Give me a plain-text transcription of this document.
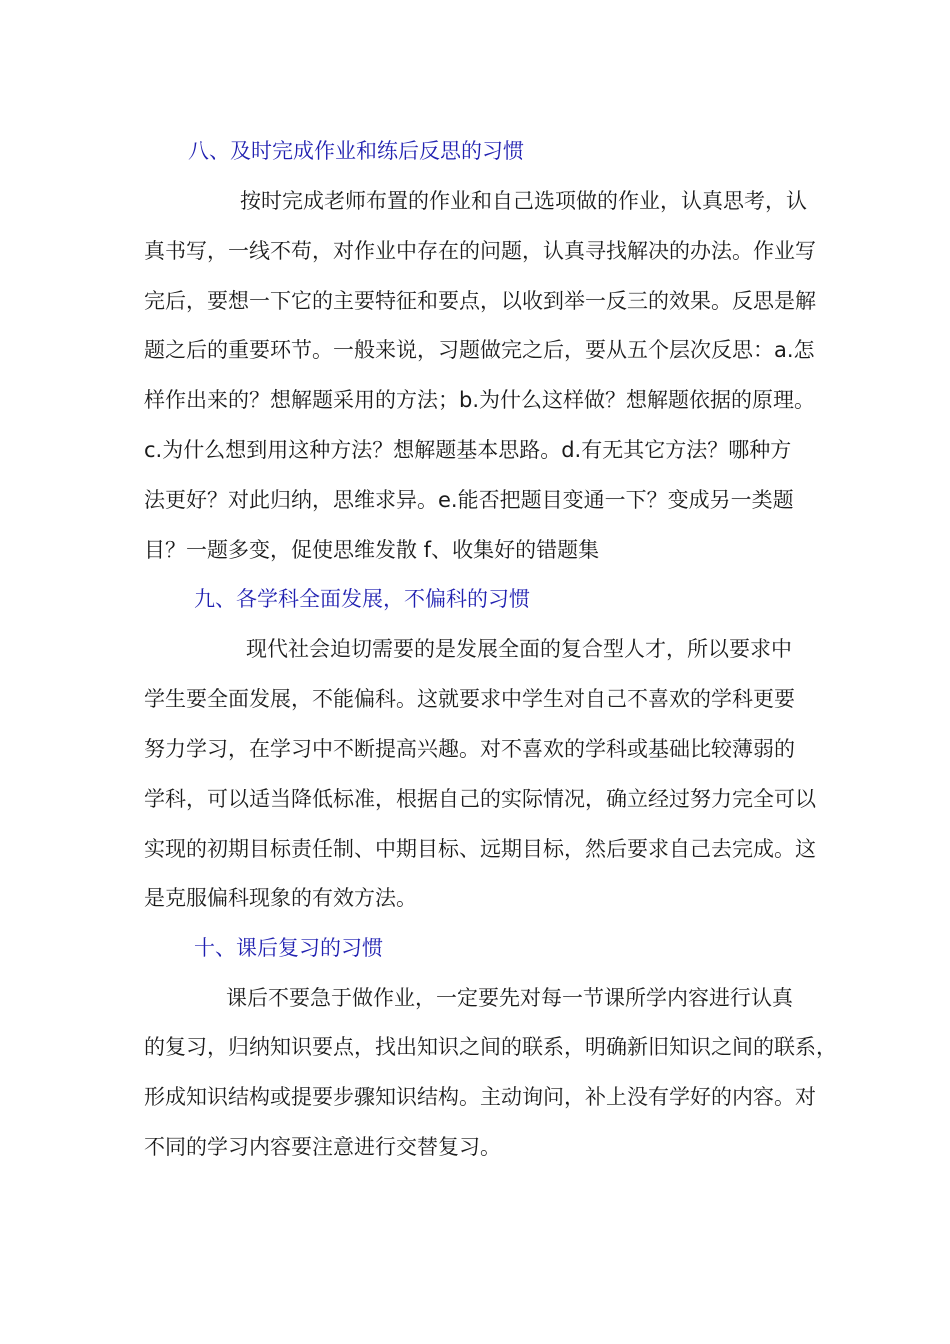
八、及时完成作业和练后反思的习惯

按时完成老师布置的作业和自己选项做的作业，认真思考，认

真书写，一线不苟，对作业中存在的问题，认真寻找解决的办法。作业写

完后，要想一下它的主要特征和要点，以收到举一反三的效果。反思是解

题之后的重要环节。一般来说，习题做完之后，要从五个层次反思：a.怎

样作出来的？想解题采用的方法；b.为什么这样做？想解题依据的原理。

c.为什么想到用这种方法？想解题基本思路。d.有无其它方法？哪种方

法更好？对此归纳，思维求异。e.能否把题目变通一下？变成另一类题

目？一题多变，促使思维发散 f、收集好的错题集

九、各学科全面发展，不偏科的习惯

现代社会迫切需要的是发展全面的复合型人才，所以要求中

学生要全面发展，不能偏科。这就要求中学生对自己不喜欢的学科更要

努力学习，在学习中不断提高兴趣。对不喜欢的学科或基础比较薄弱的

学科，可以适当降低标准，根据自己的实际情况，确立经过努力完全可以

实现的初期目标责任制、中期目标、远期目标，然后要求自己去完成。这

是克服偏科现象的有效方法。

十、课后复习的习惯

课后不要急于做作业，一定要先对每一节课所学内容进行认真

的复习，归纳知识要点，找出知识之间的联系，明确新旧知识之间的联系，

形成知识结构或提要步骤知识结构。主动询问，补上没有学好的内容。对

不同的学习内容要注意进行交替复习。
